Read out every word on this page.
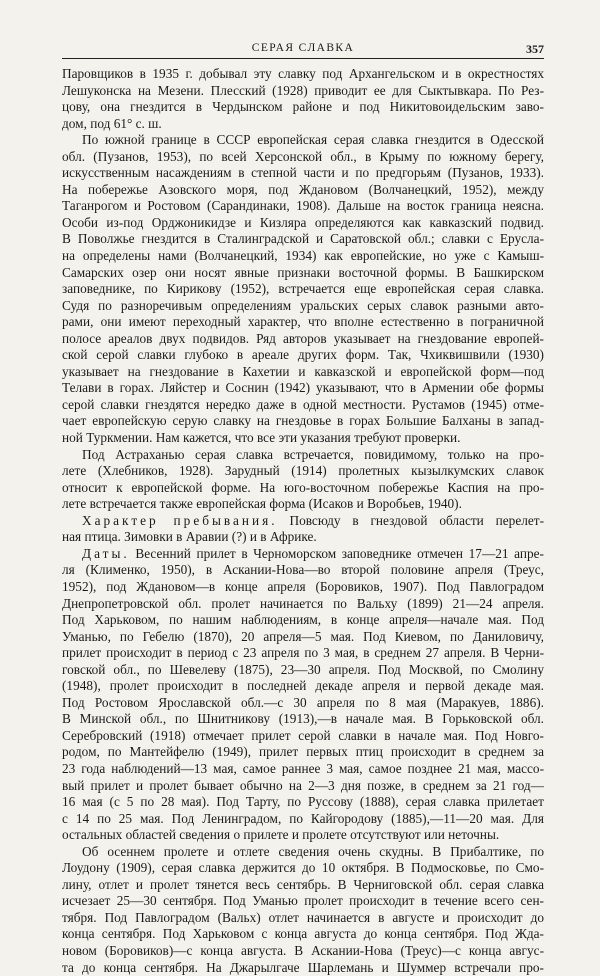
СЕРАЯ СЛАВКА	357
Паровщиков в 1935 г. добывал эту славку под Архангельском и в окрестностях
Лешуконска на Мезени. Плесский (1928) приводит ее для Сыктывкара. По Рез-
цову, она гнездится в Чердынском районе и под Никитовоидельским заво-
дом, под 61° с. ш.
По южной границе в СССР европейская серая славка гнездится в Одесской
обл. (Пузанов, 1953), по всей Херсонской обл., в Крыму по южному берегу,
искусственным насаждениям в степной части и по предгорьям (Пузанов, 1933).
На побережье Азовского моря, под Ждановом (Волчанецкий, 1952), между
Таганрогом и Ростовом (Сарандинаки, 1908). Дальше на восток граница неясна.
Особи из-под Орджоникидзе и Кизляра определяются как кавказский подвид.
В Поволжье гнездится в Сталинградской и Саратовской обл.; славки с Ерусла-
на определены нами (Волчанецкий, 1934) как европейские, но уже с Камыш-
Самарских озер они носят явные признаки восточной формы. В Башкирском
заповеднике, по Кирикову (1952), встречается еще европейская серая славка.
Судя по разноречивым определениям уральских серых славок разными авто-
рами, они имеют переходный характер, что вполне естественно в пограничной
полосе ареалов двух подвидов. Ряд авторов указывает на гнездование европей-
ской серой славки глубоко в ареале других форм. Так, Чхиквишвили (1930)
указывает на гнездование в Кахетии и кавказской и европейской форм—под
Телави в горах. Ляйстер и Соснин (1942) указывают, что в Армении обе формы
серой славки гнездятся нередко даже в одной местности. Рустамов (1945) отме-
чает европейскую серую славку на гнездовье в горах Большие Балханы в запад-
ной Туркмении. Нам кажется, что все эти указания требуют проверки.
Под Астраханью серая славка встречается, повидимому, только на про-
лете (Хлебников, 1928). Зарудный (1914) пролетных кызылкумских славок
относит к европейской форме. На юго-восточном побережье Каспия на про-
лете встречается также европейская форма (Исаков и Воробьев, 1940).
Характер пребывания. Повсюду в гнездовой области перелет-
ная птица. Зимовки в Аравии (?) и в Африке.
Даты. Весенний прилет в Черноморском заповеднике отмечен 17—21 апре-
ля (Клименко, 1950), в Аскании-Нова—во второй половине апреля (Треус,
1952), под Ждановом—в конце апреля (Боровиков, 1907). Под Павлоградом
Днепропетровской обл. пролет начинается по Вальху (1899) 21—24 апреля.
Под Харьковом, по нашим наблюдениям, в конце апреля—начале мая. Под
Уманью, по Гебелю (1870), 20 апреля—5 мая. Под Киевом, по Даниловичу,
прилет происходит в период с 23 апреля по 3 мая, в среднем 27 апреля. В Черни-
говской обл., по Шевелеву (1875), 23—30 апреля. Под Москвой, по Смолину
(1948), пролет происходит в последней декаде апреля и первой декаде мая.
Под Ростовом Ярославской обл.—с 30 апреля по 8 мая (Маракуев, 1886).
В Минской обл., по Шнитникову (1913),—в начале мая. В Горьковской обл.
Серебровский (1918) отмечает прилет серой славки в начале мая. Под Новго-
родом, по Мантейфелю (1949), прилет первых птиц происходит в среднем за
23 года наблюдений—13 мая, самое раннее 3 мая, самое позднее 21 мая, массо-
вый прилет и пролет бывает обычно на 2—3 дня позже, в среднем за 21 год—
16 мая (с 5 по 28 мая). Под Тарту, по Руссову (1888), серая славка прилетает
с 14 по 25 мая. Под Ленинградом, по Кайгородову (1885),—11—20 мая. Для
остальных областей сведения о прилете и пролете отсутствуют или неточны.
Об осеннем пролете и отлете сведения очень скудны. В Прибалтике, по
Лоудону (1909), серая славка держится до 10 октября. В Подмосковье, по Смо-
лину, отлет и пролет тянется весь сентябрь. В Черниговской обл. серая славка
исчезает 25—30 сентября. Под Уманью пролет происходит в течение всего сен-
тября. Под Павлоградом (Вальх) отлет начинается в августе и происходит до
конца сентября. Под Харьковом с конца августа до конца сентября. Под Жда-
новом (Боровиков)—с конца августа. В Аскании-Нова (Треус)—с конца авгус-
та до конца сентября. На Джарылгаче Шарлемань и Шуммер встречали про-
